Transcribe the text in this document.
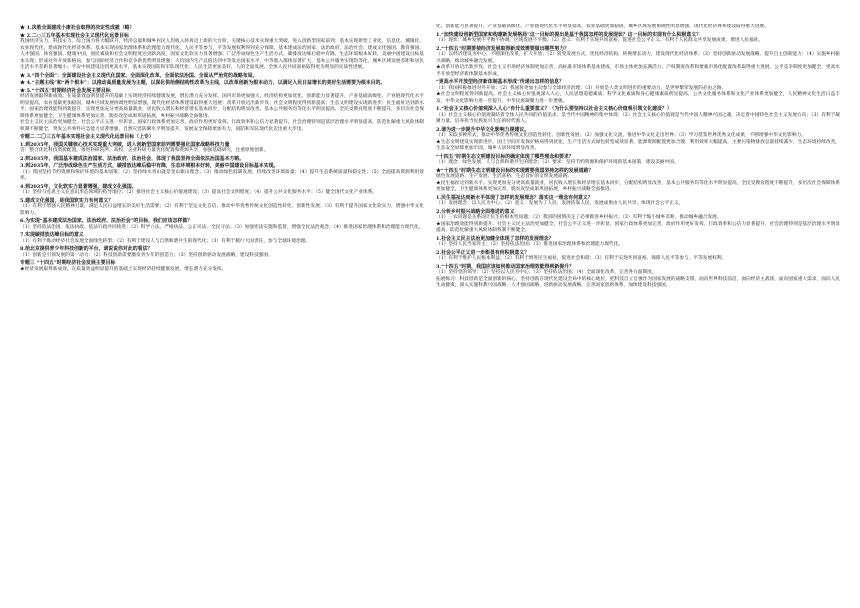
★ 1.决胜全面建成小康社会取得的决定性成就（略）
★ 2.二○三五年基本实现社会主义现代化远景目标

我国经济实力、科技实力、综合国力将大幅跃升，经济总量和城乡居民人均收入将再迈上新的大台阶，关键核心技术实现重大突破，进入创新型国家前列；基本实现新型工业化、信息化、城镇化、农业现代化，建成现代化经济体系。基本实现国家治理体系和治理能力现代化，人民平等参与、平等发展权利得到充分保障，基本建成法治国家、法治政府、法治社会；建成文化强国、教育强国、人才强国、体育强国、健康中国，国民素质和社会文明程度达到新高度，国家文化软实力显著增强；广泛形成绿色生产生活方式，碳排放达峰后稳中有降，生态环境根本好转，美丽中国建设目标基本实现；形成对外开放新格局，参与国际经济合作和竞争新优势明显增强；人均国内生产总值达到中等发达国家水平，中等收入群体显著扩大，基本公共服务实现均等化，城乡区域发展差距和居民生活水平差距显著缩小；平安中国建设达到更高水平，基本实现国防和军队现代化；人民生活更加美好，人的全面发展、全体人民共同富裕取得更为明显的实质性进展。

★ 3.“四个全面”：全面建设社会主义现代化国家、全面深化改革、全面依法治国、全面从严治党的战略布局。
★ 4.“主题主线”和“两个根本”：以推动高质量发展为主题，以深化供给侧结构性改革为主线，以改革创新为根本动力，以满足人民日益增长的美好生活需要为根本目的。
★ 5.“十四五”时期经济社会发展主要目标

经济发展取得新成效。在质量效益明显提升的基础上实现经济持续健康发展，增长潜力充分发挥，国内市场更加强大，经济结构更加优化，创新能力显著提升，产业基础高级化、产业链现代化水平明显提高，农业基础更加稳固，城乡区域发展协调性明显增强，现代化经济体系建设取得重大进展；改革开放迈出新步伐；社会文明程度得到新提高；生态文明建设实现新进步；民生福祉达到新水平；国家治理效能得到新提升，实现更加充分更高质量就业，居民收入增长和经济增长基本同步，分配结构明显改善，基本公共服务均等化水平明显提高，全民受教育程度不断提升，多层次社会保障体系更加健全，卫生健康体系更加完善，脱贫攻坚成果巩固拓展，乡村振兴战略全面推进。

社会主义民主法治更加健全，社会公平正义进一步彰显，国家行政体系更加完善，政府作用更好发挥，行政效率和公信力显著提升，社会治理特别是基层治理水平明显提高，防范化解重大风险体制机制不断健全，突发公共事件应急能力显著增强，自然灾害防御水平明显提升，发展安全保障更加有力，国防和军队现代化迈出重大步伐。

专题二 二〇三五年基本实现社会主义现代化远景目标（上专）
1.到2035年，我国关键核心技术实现重大突破，进入创新型国家前列需要强化国家战略科技力量

答：整合优化科技资源配置，推进科研院所、高校、企业科研力量优化配置和资源共享，加强基础研究，注重原始创新。

2.到2035年，我国基本建成法治国家、法治政府、法治社会，体现了我国坚持全面依法治国基本方略。
3.到2035年，广泛形成绿色生产生活方式，碳排放达峰后稳中有降，生态环境根本好转，美丽中国建设目标基本实现。

（1）我国坚持节约资源和保护环境的基本国策；（2）坚持绿水青山就是金山银山理念；（3）推动绿色低碳发展，持续改善环境质量；（4）提升生态系统质量和稳定性；（5）全面提高资源利用效率。

4.到2035年，文化软实力显著增强，建成文化强国。

（1）坚持马克思主义在意识形态领域的指导地位；（2）推进社会主义核心价值观建设；（3）提高社会文明程度；（4）提升公共文化服务水平；（5）健全现代文化产业体系。

5.建成文化强国，是我国软实力有何意义？

（1）有利于增强人民精神力量，满足人民日益增长的美好生活需要；（2）有利于坚定文化自信，推动中华优秀传统文化创造性转化、创新性发展；（3）有利于提升国家文化软实力，增强中华文化影响力。

6.为实现“基本建成法治国家、法治政府、法治社会”的目标，我们应该怎样做？

（1）坚持依法治国、依法执政、依法行政共同推进；（2）科学立法、严格执法、公正司法、全民守法；（3）加强宪法实施和监督，增强全民法治观念；（4）推进国家治理体系和治理能力现代化。

7.实现碳排放达峰目标的意义

（1）有利于推动经济社会发展全面绿色转型；（2）有利于建设人与自然和谐共生的现代化；（3）有利于履行大国责任，参与全球环境治理。

8.给北京提供青少年科技创新的平台，请说说你对此的看法？

（1）创新是引领发展的第一动力；（2）科技创新需要激发青少年的创造力；（3）坚持创新驱动发展战略，建设科技强国。

专题三 “十四五”时期经济社会发展主要目标

★经济发展取得新成效，在质量效益明显提升的基础上实现经济持续健康发展，增长潜力充分发挥。

化，创新能力显著提升，产业基础高级化、产业链现代化水平明显提高，农业基础更加稳固，城乡区域发展协调性明显增强，现代化经济体系建设取得重大进展。

1.“加快建设创新型国家和构建新发展格局”这一目标的提出是基于我国怎样的发展现状？这一目标的实现有什么积极意义？

（1）现状：城乡发展不平衡不协调，区域发展不平衡。（2）意义：有利于实现共同富裕，促进社会公平正义；有利于人民群众共享发展成果，增进人民福祉。

2.“十四五”时期要使经济发展取得新成效需要做出哪些努力？

（1）以经济建设为中心，不断深化改革，扩大开放；（2）转变发展方式，优化经济结构，转换增长动力，建设现代化经济体系；（3）坚持创新驱动发展战略，提升自主创新能力；（4）实施乡村振兴战略，推动城乡融合发展。

★改革开放迈出新步伐，社会主义市场经济体制更加完善，高标准市场体系基本建成，市场主体更加充满活力，产权制度改革和要素市场化配置改革取得重大进展，公平竞争制度更加健全，更高水平开放型经济新体制基本形成。

“更高水平开放型经济新体制基本形成”传递出怎样的信息？

（1）我国积极推进对外开放；（2）我国将更加主动参与全球经济治理；（3）开放是人类文明进步的重要动力，是世界繁荣发展的必由之路。

★社会文明程度得到新提高。社会主义核心价值观深入人心，人民思想道德素质、科学文化素质和身心健康素质明显提高，公共文化服务体系和文化产业体系更加健全，人民精神文化生活日益丰富，中华文化影响力进一步提升，中华民族凝聚力进一步增强。

1.“社会主义核心价值观深入人心”有什么重要意义？（为什么要坚持以社会主义核心价值观引领文化建设？）

（1）社会主义核心价值观凝结着全体人民共同的价值追求，是当代中国精神的集中体现；（2）社会主义核心价值观是当代中国人精神兴国之魂，决定着中国特色社会主义发展方向；（3）有利于凝聚力量，培养担当民族复兴大任的时代新人。

2.请为进一步提升中华文化影响力提建议。

（1）采取多种形式，推动中华优秀传统文化创造性转化、创新性发展；（2）加强文化交流，推进中华文化走出世界；（3）学习借鉴世界优秀文化成果，不断增强中华文化影响力。

★生态文明建设实现新进步。国土空间开发保护格局得到优化，生产生活方式绿色转型成效显著，能源资源配置更加合理、利用效率大幅提高，主要污染物排放总量持续减少，生态环境持续改善，生态安全屏障更加牢固，城乡人居环境明显改善。

“十四五”时期生态文明建设目标的确定体现了哪些理念和要求？

（1）理念：绿色发展、人与自然和谐共生的理念；（2）要求：坚持节约资源和保护环境的基本国策，建设美丽中国。

★“十四五”时期生态文明建设目标的实现需要我国坚持怎样的发展道路？

绿色发展道路、生产发展、生活富裕、生态良好的文明发展道路。

★民生福祉达到新水平。实现更加充分更高质量就业，居民收入增长和经济增长基本同步，分配结构明显改善，基本公共服务均等化水平明显提高，全民受教育程度不断提升，多层次社会保障体系更加健全，卫生健康体系更加完善，脱贫攻坚成果巩固拓展，乡村振兴战略全面推进。

1.民生福祉达到新水平体现了怎样的发展理念？落实这一理念有何意义？

（1）发展理念：以人民为中心；（2）意义：发展为了人民、发展依靠人民、发展成果由人民共享，体现社会公平正义。

2.分析乡村振兴战略全面推进的意义

（1）三农问题是关系国计民生的根本性问题；（2）我国的国情决定了必须推进乡村振兴；（3）有利于缩小城乡差距，推动城乡融合发展。

★国家治理效能得到新提升。社会主义民主法治更加健全，社会公平正义进一步彰显，国家行政体系更加完善，政府作用更好发挥，行政效率和公信力显著提升，社会治理特别是基层治理水平明显提高，防范化解重大风险体制机制不断健全。

1.社会主义民主法治更加健全体现了怎样的发展理念？

（1）坚持人民当家作主；（2）坚持依法治国；（3）推进国家治理体系和治理能力现代化。

2.社会公平正义进一步彰显有何积极意义？

（1）有利于维护人民根本利益；（2）有利于增进民生福祉，促进社会和谐；（3）有利于实现共同富裕，保障人民平等参与、平等发展权利。

3.“十四五”时期，我国应该如何推动国家治理效能得到新提升？

（1）坚持党的领导；（2）坚持以人民为中心；（3）坚持依法治国；（4）全面深化改革，完善各方面制度。

拓展练习：科技创新是全面创新的核心，坚持创新在现代化建设全局中的核心地位，把科技自立自强作为国家发展的战略支撑，面向世界科技前沿，面向经济主战场，面向国家重大需求，面向人民生命健康，深入实施科教兴国战略、人才强国战略、创新驱动发展战略，完善国家创新体系，加快建设科技强国。
